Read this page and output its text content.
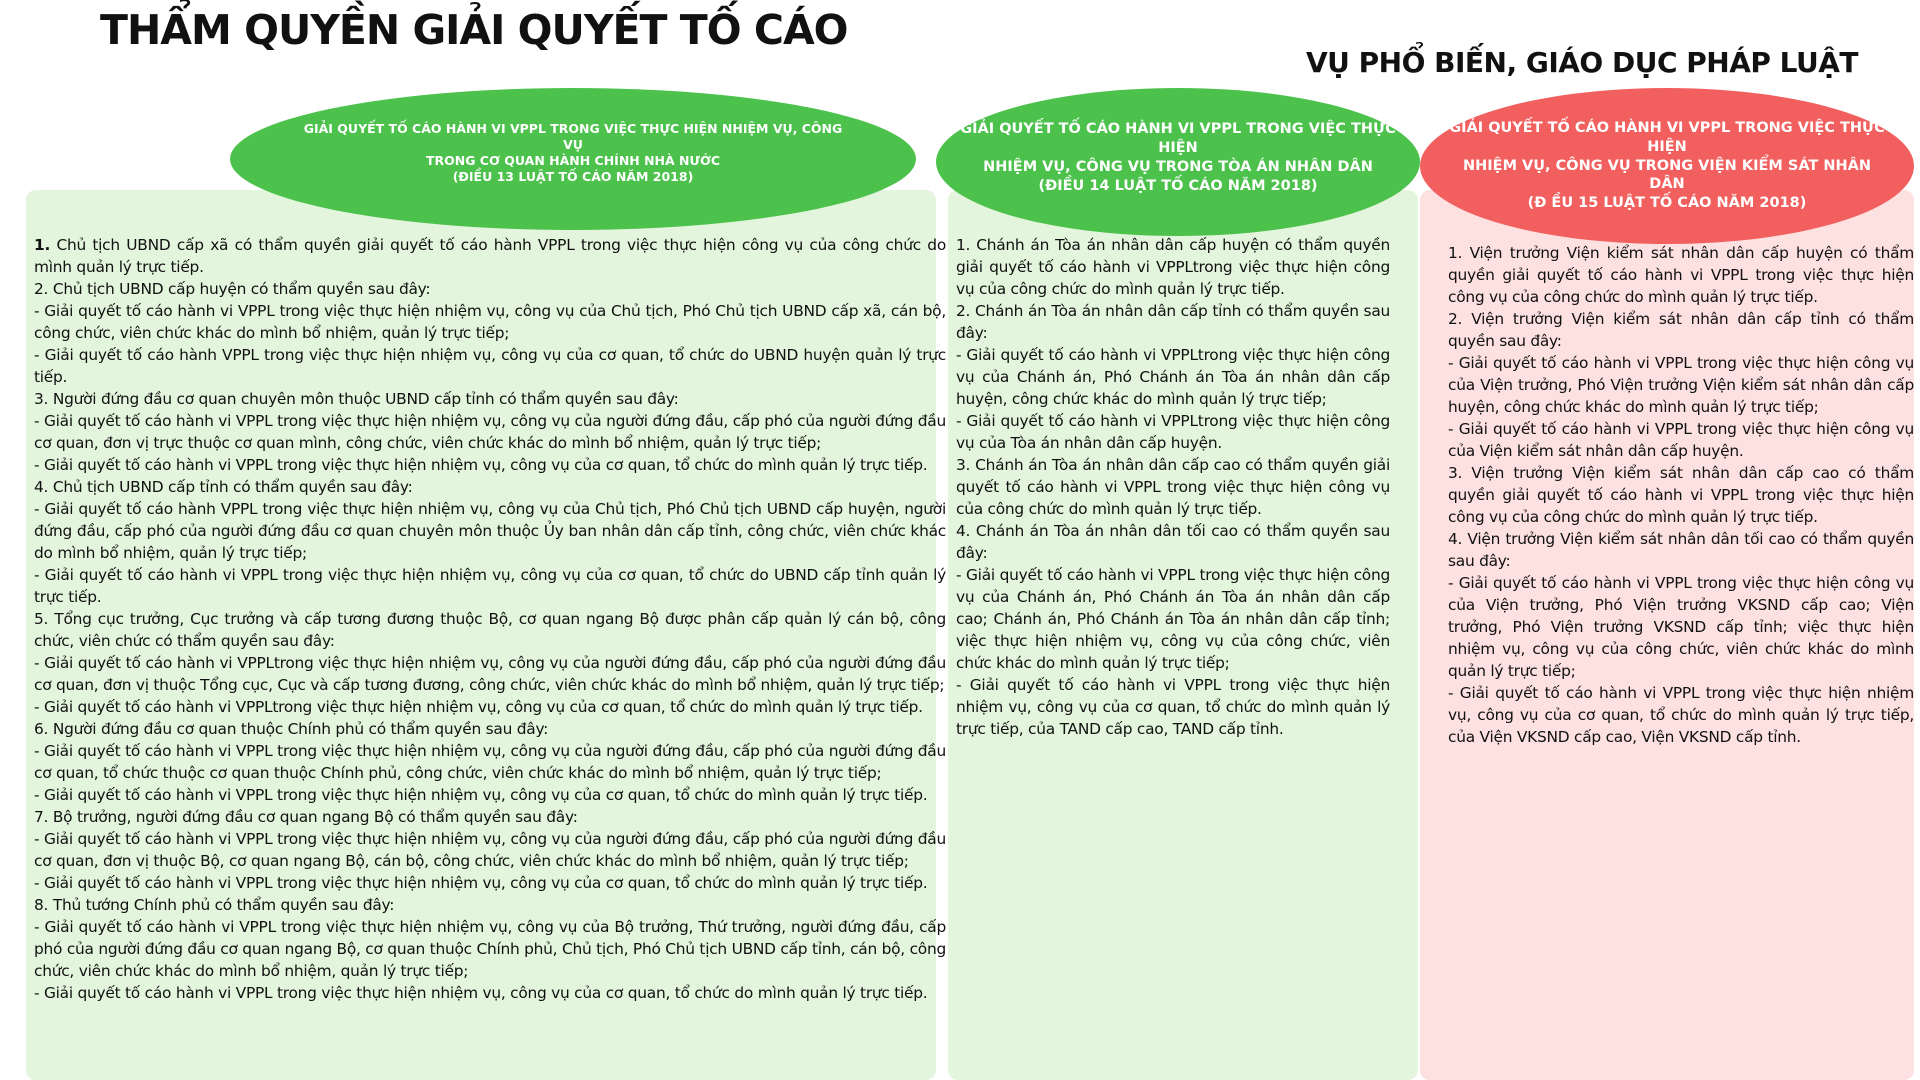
THẨM QUYỀN GIẢI QUYẾT TỐ CÁO
VỤ PHỔ BIẾN, GIÁO DỤC PHÁP LUẬT
GIẢI QUYẾT TỐ CÁO HÀNH VI VPPL TRONG VIỆC THỰC HIỆN NHIỆM VỤ, CÔNG VỤ
TRONG CƠ QUAN HÀNH CHÍNH NHÀ NƯỚC
(ĐIỀU 13 LUẬT TỐ CÁO NĂM 2018)
GIẢI QUYẾT TỐ CÁO HÀNH VI VPPL TRONG VIỆC THỰC HIỆN
NHIỆM VỤ, CÔNG VỤ TRONG TÒA ÁN NHÂN DÂN
(ĐIỀU 14 LUẬT TỐ CÁO NĂM 2018)
GIẢI QUYẾT TỐ CÁO HÀNH VI VPPL TRONG VIỆC THỰC HIỆN
NHIỆM VỤ, CÔNG VỤ TRONG VIỆN KIỂM SÁT NHÂN DÂN
(Đ ỀU 15 LUẬT TỐ CÁO NĂM 2018)

1. Chủ tịch UBND cấp xã có thẩm quyền giải quyết tố cáo hành VPPL trong việc thực hiện công vụ của công chức do mình quản lý trực tiếp.

2. Chủ tịch UBND cấp huyện có thẩm quyền sau đây:

- Giải quyết tố cáo hành vi VPPL trong việc thực hiện nhiệm vụ, công vụ của Chủ tịch, Phó Chủ tịch UBND cấp xã, cán bộ, công chức, viên chức khác do mình bổ nhiệm, quản lý trực tiếp;

- Giải quyết tố cáo hành VPPL trong việc thực hiện nhiệm vụ, công vụ của cơ quan, tổ chức do UBND huyện quản lý trực tiếp.

3. Người đứng đầu cơ quan chuyên môn thuộc UBND cấp tỉnh có thẩm quyền sau đây:

- Giải quyết tố cáo hành vi VPPL trong việc thực hiện nhiệm vụ, công vụ của người đứng đầu, cấp phó của người đứng đầu cơ quan, đơn vị trực thuộc cơ quan mình, công chức, viên chức khác do mình bổ nhiệm, quản lý trực tiếp;

- Giải quyết tố cáo hành vi VPPL trong việc thực hiện nhiệm vụ, công vụ của cơ quan, tổ chức do mình quản lý trực tiếp.

4. Chủ tịch UBND cấp tỉnh có thẩm quyền sau đây:

- Giải quyết tố cáo hành VPPL trong việc thực hiện nhiệm vụ, công vụ của Chủ tịch, Phó Chủ tịch UBND cấp huyện, người đứng đầu, cấp phó của người đứng đầu cơ quan chuyên môn thuộc Ủy ban nhân dân cấp tỉnh, công chức, viên chức khác do mình bổ nhiệm, quản lý trực tiếp;

- Giải quyết tố cáo hành vi VPPL trong việc thực hiện nhiệm vụ, công vụ của cơ quan, tổ chức do UBND cấp tỉnh quản lý trực tiếp.

5. Tổng cục trưởng, Cục trưởng và cấp tương đương thuộc Bộ, cơ quan ngang Bộ được phân cấp quản lý cán bộ, công chức, viên chức có thẩm quyền sau đây:

- Giải quyết tố cáo hành vi VPPLtrong việc thực hiện nhiệm vụ, công vụ của người đứng đầu, cấp phó của người đứng đầu cơ quan, đơn vị thuộc Tổng cục, Cục và cấp tương đương, công chức, viên chức khác do mình bổ nhiệm, quản lý trực tiếp;

- Giải quyết tố cáo hành vi VPPLtrong việc thực hiện nhiệm vụ, công vụ của cơ quan, tổ chức do mình quản lý trực tiếp.

6. Người đứng đầu cơ quan thuộc Chính phủ có thẩm quyền sau đây:

- Giải quyết tố cáo hành vi VPPL trong việc thực hiện nhiệm vụ, công vụ của người đứng đầu, cấp phó của người đứng đầu cơ quan, tổ chức thuộc cơ quan thuộc Chính phủ, công chức, viên chức khác do mình bổ nhiệm, quản lý trực tiếp;

- Giải quyết tố cáo hành vi VPPL trong việc thực hiện nhiệm vụ, công vụ của cơ quan, tổ chức do mình quản lý trực tiếp.

7. Bộ trưởng, người đứng đầu cơ quan ngang Bộ có thẩm quyền sau đây:

- Giải quyết tố cáo hành vi VPPL trong việc thực hiện nhiệm vụ, công vụ của người đứng đầu, cấp phó của người đứng đầu cơ quan, đơn vị thuộc Bộ, cơ quan ngang Bộ, cán bộ, công chức, viên chức khác do mình bổ nhiệm, quản lý trực tiếp;

- Giải quyết tố cáo hành vi VPPL trong việc thực hiện nhiệm vụ, công vụ của cơ quan, tổ chức do mình quản lý trực tiếp.

8. Thủ tướng Chính phủ có thẩm quyền sau đây:

- Giải quyết tố cáo hành vi VPPL trong việc thực hiện nhiệm vụ, công vụ của Bộ trưởng, Thứ trưởng, người đứng đầu, cấp phó của người đứng đầu cơ quan ngang Bộ, cơ quan thuộc Chính phủ, Chủ tịch, Phó Chủ tịch UBND cấp tỉnh, cán bộ, công chức, viên chức khác do mình bổ nhiệm, quản lý trực tiếp;

- Giải quyết tố cáo hành vi VPPL trong việc thực hiện nhiệm vụ, công vụ của cơ quan, tổ chức do mình quản lý trực tiếp.

1. Chánh án Tòa án nhân dân cấp huyện có thẩm quyền giải quyết tố cáo hành vi VPPLtrong việc thực hiện công vụ của công chức do mình quản lý trực tiếp.

2. Chánh án Tòa án nhân dân cấp tỉnh có thẩm quyền sau đây:

- Giải quyết tố cáo hành vi VPPLtrong việc thực hiện công vụ của Chánh án, Phó Chánh án Tòa án nhân dân cấp huyện, công chức khác do mình quản lý trực tiếp;

- Giải quyết tố cáo hành vi VPPLtrong việc thực hiện công vụ của Tòa án nhân dân cấp huyện.

3. Chánh án Tòa án nhân dân cấp cao có thẩm quyền giải quyết tố cáo hành vi VPPL trong việc thực hiện công vụ của công chức do mình quản lý trực tiếp.

4. Chánh án Tòa án nhân dân tối cao có thẩm quyền sau đây:

- Giải quyết tố cáo hành vi VPPL trong việc thực hiện công vụ của Chánh án, Phó Chánh án Tòa án nhân dân cấp cao; Chánh án, Phó Chánh án Tòa án nhân dân cấp tỉnh; việc thực hiện nhiệm vụ, công vụ của công chức, viên chức khác do mình quản lý trực tiếp;

- Giải quyết tố cáo hành vi VPPL trong việc thực hiện nhiệm vụ, công vụ của cơ quan, tổ chức do mình quản lý trực tiếp, của TAND cấp cao, TAND cấp tỉnh.

1. Viện trưởng Viện kiểm sát nhân dân cấp huyện có thẩm quyền giải quyết tố cáo hành vi VPPL trong việc thực hiện công vụ của công chức do mình quản lý trực tiếp.

2. Viện trưởng Viện kiểm sát nhân dân cấp tỉnh có thẩm quyền sau đây:

- Giải quyết tố cáo hành vi VPPL trong việc thực hiện công vụ của Viện trưởng, Phó Viện trưởng Viện kiểm sát nhân dân cấp huyện, công chức khác do mình quản lý trực tiếp;

- Giải quyết tố cáo hành vi VPPL trong việc thực hiện công vụ của Viện kiểm sát nhân dân cấp huyện.

3. Viện trưởng Viện kiểm sát nhân dân cấp cao có thẩm quyền giải quyết tố cáo hành vi VPPL trong việc thực hiện công vụ của công chức do mình quản lý trực tiếp.

4. Viện trưởng Viện kiểm sát nhân dân tối cao có thẩm quyền sau đây:

- Giải quyết tố cáo hành vi VPPL trong việc thực hiện công vụ của Viện trưởng, Phó Viện trưởng VKSND cấp cao; Viện trưởng, Phó Viện trưởng VKSND cấp tỉnh; việc thực hiện nhiệm vụ, công vụ của công chức, viên chức khác do mình quản lý trực tiếp;

- Giải quyết tố cáo hành vi VPPL trong việc thực hiện nhiệm vụ, công vụ của cơ quan, tổ chức do mình quản lý trực tiếp, của Viện VKSND cấp cao, Viện VKSND cấp tỉnh.
